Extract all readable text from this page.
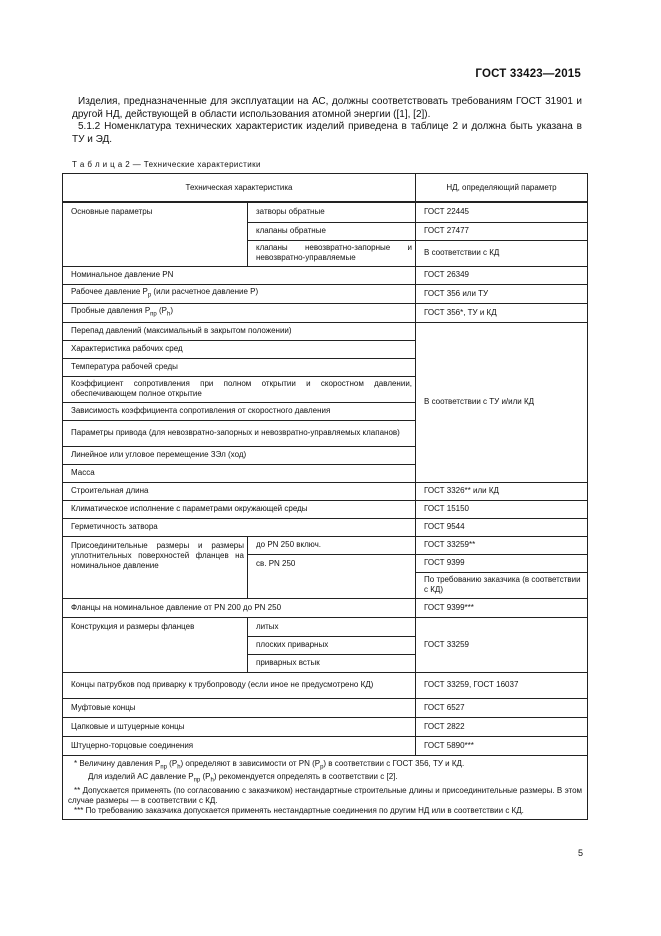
ГОСТ 33423—2015
Изделия, предназначенные для эксплуатации на АС, должны соответствовать требованиям ГОСТ 31901 и другой НД, действующей в области использования атомной энергии ([1], [2]).
5.1.2 Номенклатура технических характеристик изделий приведена в таблице 2 и должна быть указана в ТУ и ЭД.
Т а б л и ц а 2 — Технические характеристики
Техническая характеристика		НД, определяющий параметр
Основные параметры	затворы обратные	ГОСТ 22445
	клапаны обратные	ГОСТ 27477
	клапаны невозвратно-запорные и невозвратно-управляемые	В соответствии с КД
Номинальное давление PN		ГОСТ 26349
Рабочее давление $P_р$ (или расчетное давление P)		ГОСТ 356 или ТУ
Пробные давления $P_{пр}$ $(P_h)$		ГОСТ 356*, ТУ и КД
Перепад давлений (максимальный в закрытом положении)		В соответствии с ТУ и/или КД
Характеристика рабочих сред		
Температура рабочей среды		
Коэффициент сопротивления при полном открытии и скоростном давлении, обеспечивающем полное открытие		
Зависимость коэффициента сопротивления от скоростного давления		
Параметры привода (для невозвратно-запорных и невозвратно-управляемых клапанов)		
Линейное или угловое перемещение ЗЭл (ход)		
Масса		
Строительная длина		ГОСТ 3326** или КД
Климатическое исполнение с параметрами окружающей среды		ГОСТ 15150
Герметичность затвора		ГОСТ 9544
Присоединительные размеры и размеры уплотнительных поверхностей фланцев на номинальное давление	до PN 250 включ.	ГОСТ 33259**
	св. PN 250	ГОСТ 9399
		По требованию заказчика (в соответствии с КД)
Фланцы на номинальное давление от PN 200 до PN 250		ГОСТ 9399***
Конструкция и размеры фланцев	литых	ГОСТ 33259
	плоских приварных	
	приварных встык	
Концы патрубков под приварку к трубопроводу (если иное не предусмотрено КД)		ГОСТ 33259, ГОСТ 16037
Муфтовые концы		ГОСТ 6527
Цапковые и штуцерные концы		ГОСТ 2822
Штуцерно-торцовые соединения		ГОСТ 5890***

* Величину давления $P_{пр}$ $(P_h)$ определяют в зависимости от PN $(P_р)$ в соответствии с ГОСТ 356, ТУ и КД.
Для изделий АС давление $P_{пр}$ $(P_h)$ рекомендуется определять в соответствии с [2].
** Допускается применять (по согласованию с заказчиком) нестандартные строительные длины и присоединительные размеры. В этом случае размеры — в соответствии с КД.
*** По требованию заказчика допускается применять нестандартные соединения по другим НД или в соответствии с КД.		
5
